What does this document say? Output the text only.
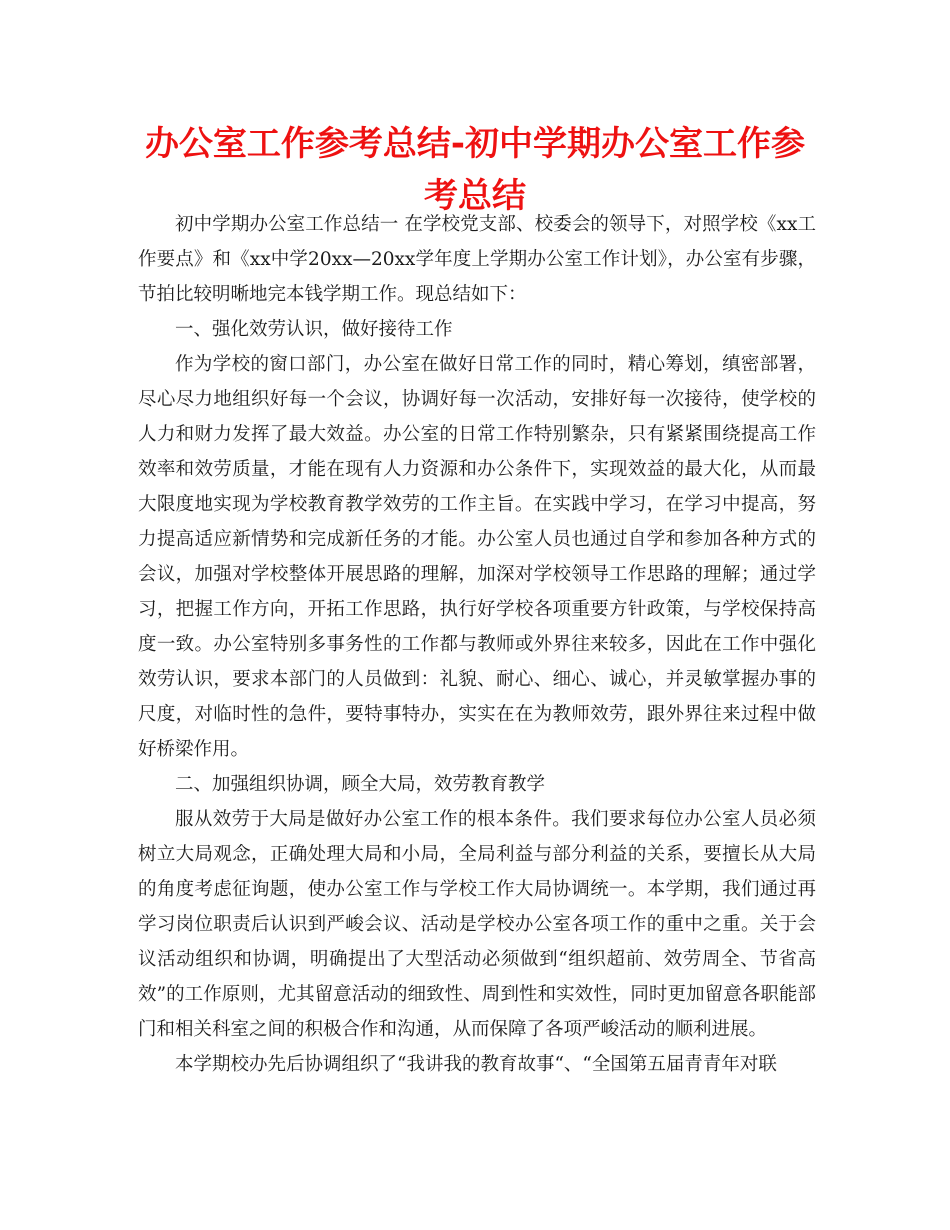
办公室工作参考总结-初中学期办公室工作参考总结

初中学期办公室工作总结一 在学校党支部、校委会的领导下，对照学校《xx工作要点》和《xx中学20xx—20xx学年度上学期办公室工作计划》，办公室有步骤，节拍比较明晰地完本钱学期工作。现总结如下：

一、强化效劳认识，做好接待工作

作为学校的窗口部门，办公室在做好日常工作的同时，精心筹划，缜密部署，尽心尽力地组织好每一个会议，协调好每一次活动，安排好每一次接待，使学校的人力和财力发挥了最大效益。办公室的日常工作特别繁杂，只有紧紧围绕提高工作效率和效劳质量，才能在现有人力资源和办公条件下，实现效益的最大化，从而最大限度地实现为学校教育教学效劳的工作主旨。在实践中学习，在学习中提高，努力提高适应新情势和完成新任务的才能。办公室人员也通过自学和参加各种方式的会议，加强对学校整体开展思路的理解，加深对学校领导工作思路的理解；通过学习，把握工作方向，开拓工作思路，执行好学校各项重要方针政策，与学校保持高度一致。办公室特别多事务性的工作都与教师或外界往来较多，因此在工作中强化效劳认识，要求本部门的人员做到：礼貌、耐心、细心、诚心，并灵敏掌握办事的尺度，对临时性的急件，要特事特办，实实在在为教师效劳，跟外界往来过程中做好桥梁作用。

二、加强组织协调，顾全大局，效劳教育教学

服从效劳于大局是做好办公室工作的根本条件。我们要求每位办公室人员必须树立大局观念，正确处理大局和小局，全局利益与部分利益的关系，要擅长从大局的角度考虑征询题，使办公室工作与学校工作大局协调统一。本学期，我们通过再学习岗位职责后认识到严峻会议、活动是学校办公室各项工作的重中之重。关于会议活动组织和协调，明确提出了大型活动必须做到“组织超前、效劳周全、节省高效”的工作原则，尤其留意活动的细致性、周到性和实效性，同时更加留意各职能部门和相关科室之间的积极合作和沟通，从而保障了各项严峻活动的顺利进展。

本学期校办先后协调组织了“我讲我的教育故事“、“全国第五届青青年对联
